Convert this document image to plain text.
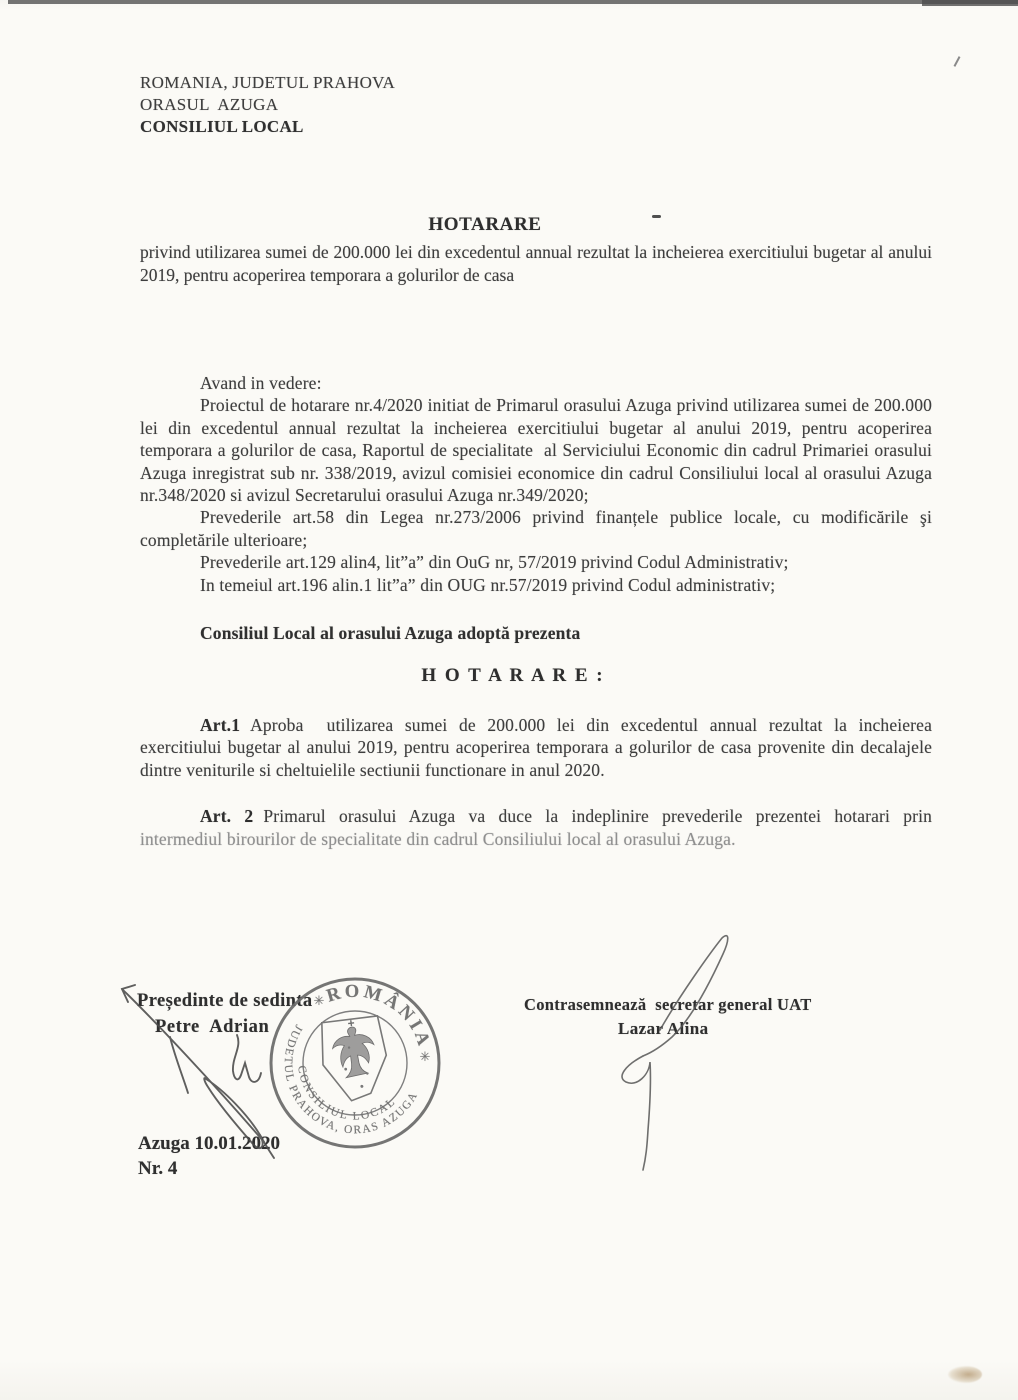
ROMANIA, JUDETUL PRAHOVA
ORASUL  AZUGA
CONSILIUL LOCAL
HOTARARE
privind utilizarea sumei de 200.000 lei din excedentul annual rezultat la incheierea exercitiului bugetar al anului 2019, pentru acoperirea temporara a golurilor de casa

Avand in vedere:

Proiectul de hotarare nr.4/2020 initiat de Primarul orasului Azuga privind utilizarea sumei de 200.000 lei din excedentul annual rezultat la incheierea exercitiului bugetar al anului 2019, pentru acoperirea temporara a golurilor de casa, Raportul de specialitate  al Serviciului Economic din cadrul Primariei orasului Azuga inregistrat sub nr. 338/2019, avizul comisiei economice din cadrul Consiliului local al orasului Azuga nr.348/2020 si avizul Secretarului orasului Azuga nr.349/2020;

Prevederile art.58 din Legea nr.273/2006 privind finanțele publice locale, cu modificările şi completările ulterioare;

Prevederile art.129 alin4, lit”a” din OuG nr, 57/2019 privind Codul Administrativ;

In temeiul art.196 alin.1 lit”a” din OUG nr.57/2019 privind Codul administrativ;

Consiliul Local al orasului Azuga adoptă prezenta

H O T A R A R E :

Art.1 Aproba  utilizarea sumei de 200.000 lei din excedentul annual rezultat la incheierea exercitiului bugetar al anului 2019, pentru acoperirea temporara a golurilor de casa provenite din decalajele dintre veniturile si cheltuielile sectiunii functionare in anul 2020.

Art. 2 Primarul orasului Azuga va duce la indeplinire prevederile prezentei hotarari prin
intermediul birourilor de specialitate din cadrul Consiliului local al orasului Azuga.

Președinte de sedinta
Petre  Adrian
Contrasemnează  secretar general UAT
Lazar Alina
ROMÂNIA
✳
✳
JUDETUL PRAHOVA, ORAS AZUGA
CONSILIUL LOCAL
Azuga 10.01.2020
Nr. 4
